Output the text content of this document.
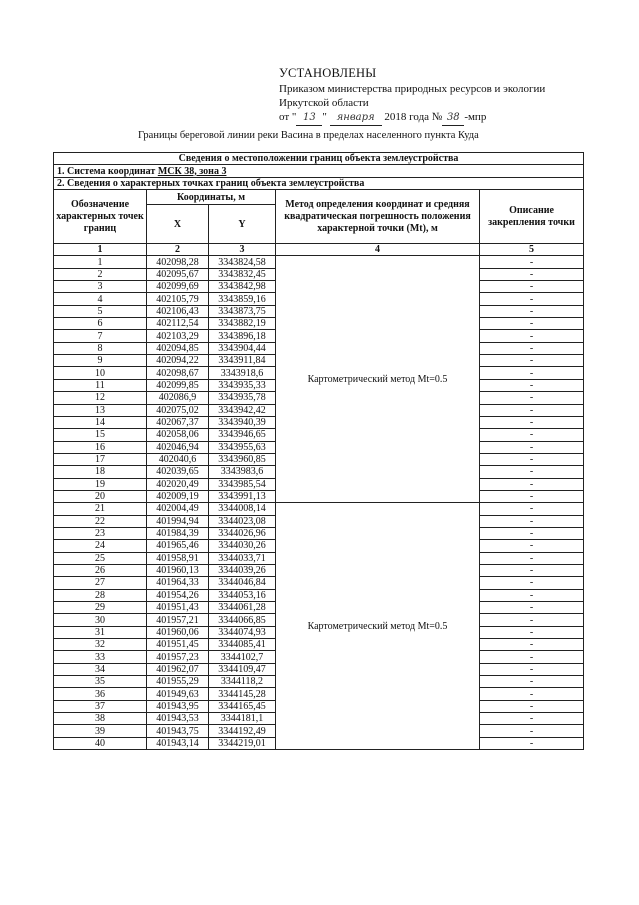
УСТАНОВЛЕНЫ
Приказом министерства природных ресурсов и экологии
Иркутской области
от " 13 " января 2018 года № 38 -мпр
Границы береговой линии реки Васина в пределах населенного пункта Куда
Сведения о местоположении границ объекта землеустройства				
1. Система координат МСК 38, зона 3				
2. Сведения о характерных точках границ объекта землеустройства				
Обозначение характерных точек границ	Координаты, м		Метод определения координат и средняя квадратическая погрешность положения характерной точки (Mt), м	Описание закрепления точки
	X	Y		
1	2	3	4	5
1	402098,28	3343824,58	Картометрический метод Mt=0.5	-
2	402095,67	3343832,45		-
3	402099,69	3343842,98		-
4	402105,79	3343859,16		-
5	402106,43	3343873,75		-
6	402112,54	3343882,19		-
7	402103,29	3343896,18		-
8	402094,85	3343904,44		-
9	402094,22	3343911,84		-
10	402098,67	3343918,6		-
11	402099,85	3343935,33		-
12	402086,9	3343935,78		-
13	402075,02	3343942,42		-
14	402067,37	3343940,39		-
15	402058,06	3343946,65		-
16	402046,94	3343955,63		-
17	402040,6	3343960,85		-
18	402039,65	3343983,6		-
19	402020,49	3343985,54		-
20	402009,19	3343991,13		-
21	402004,49	3344008,14	Картометрический метод Mt=0.5	-
22	401994,94	3344023,08		-
23	401984,39	3344026,96		-
24	401965,46	3344030,26		-
25	401958,91	3344033,71		-
26	401960,13	3344039,26		-
27	401964,33	3344046,84		-
28	401954,26	3344053,16		-
29	401951,43	3344061,28		-
30	401957,21	3344066,85		-
31	401960,06	3344074,93		-
32	401951,45	3344085,41		-
33	401957,23	3344102,7		-
34	401962,07	3344109,47		-
35	401955,29	3344118,2		-
36	401949,63	3344145,28		-
37	401943,95	3344165,45		-
38	401943,53	3344181,1		-
39	401943,75	3344192,49		-
40	401943,14	3344219,01		-
